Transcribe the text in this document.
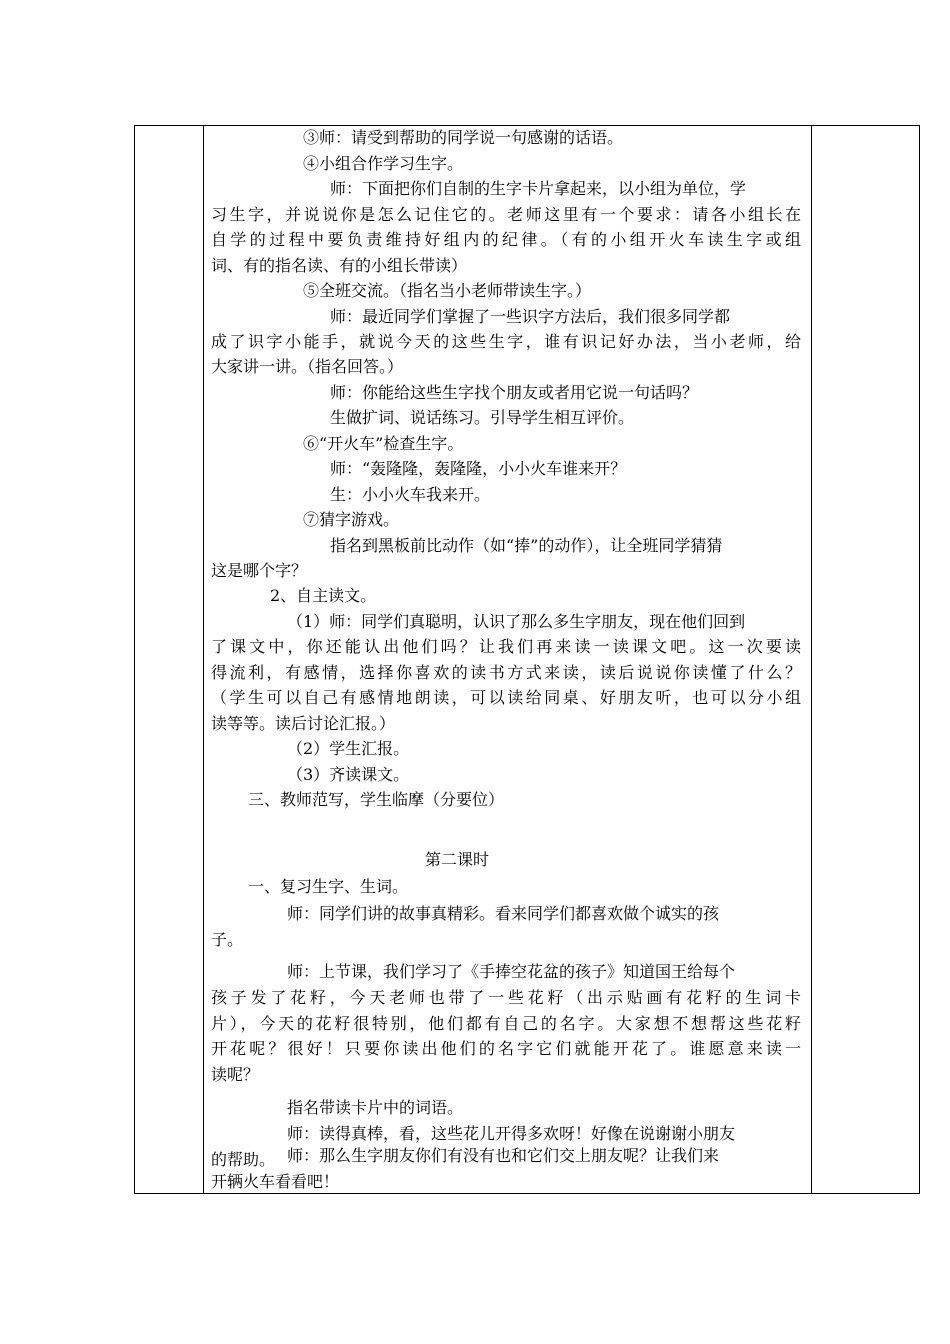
③师：请受到帮助的同学说一句感谢的话语。
④小组合作学习生字。
师：下面把你们自制的生字卡片拿起来，以小组为单位，学
习生字，并说说你是怎么记住它的。老师这里有一个要求：请各小组长在
自学的过程中要负责维持好组内的纪律。（有的小组开火车读生字或组
词、有的指名读、有的小组长带读）
⑤全班交流。（指名当小老师带读生字。）
师：最近同学们掌握了一些识字方法后，我们很多同学都
成了识字小能手，就说今天的这些生字，谁有识记好办法，当小老师，给
大家讲一讲。（指名回答。）
师：你能给这些生字找个朋友或者用它说一句话吗？
生做扩词、说话练习。引导学生相互评价。
⑥“开火车”检查生字。
师：“轰隆隆，轰隆隆，小小火车谁来开？
生：小小火车我来开。
⑦猜字游戏。
指名到黑板前比动作（如“捧”的动作），让全班同学猜猜
这是哪个字？
2、自主读文。
（1）师：同学们真聪明，认识了那么多生字朋友，现在他们回到
了课文中，你还能认出他们吗？让我们再来读一读课文吧。这一次要读
得流利，有感情，选择你喜欢的读书方式来读，读后说说你读懂了什么？
（学生可以自己有感情地朗读，可以读给同桌、好朋友听，也可以分小组
读等等。读后讨论汇报。）
（2）学生汇报。
（3）齐读课文。
三、教师范写，学生临摩（分要位）
第二课时
一、复习生字、生词。
师：同学们讲的故事真精彩。看来同学们都喜欢做个诚实的孩
子。
师：上节课，我们学习了《手捧空花盆的孩子》知道国王给每个
孩子发了花籽，今天老师也带了一些花籽（出示贴画有花籽的生词卡
片），今天的花籽很特别，他们都有自己的名字。大家想不想帮这些花籽
开花呢？很好！只要你读出他们的名字它们就能开花了。谁愿意来读一
读呢？
指名带读卡片中的词语。
师：读得真棒，看，这些花儿开得多欢呀！好像在说谢谢小朋友
的帮助。 师：那么生字朋友你们有没有也和它们交上朋友呢？让我们来
开辆火车看看吧！
